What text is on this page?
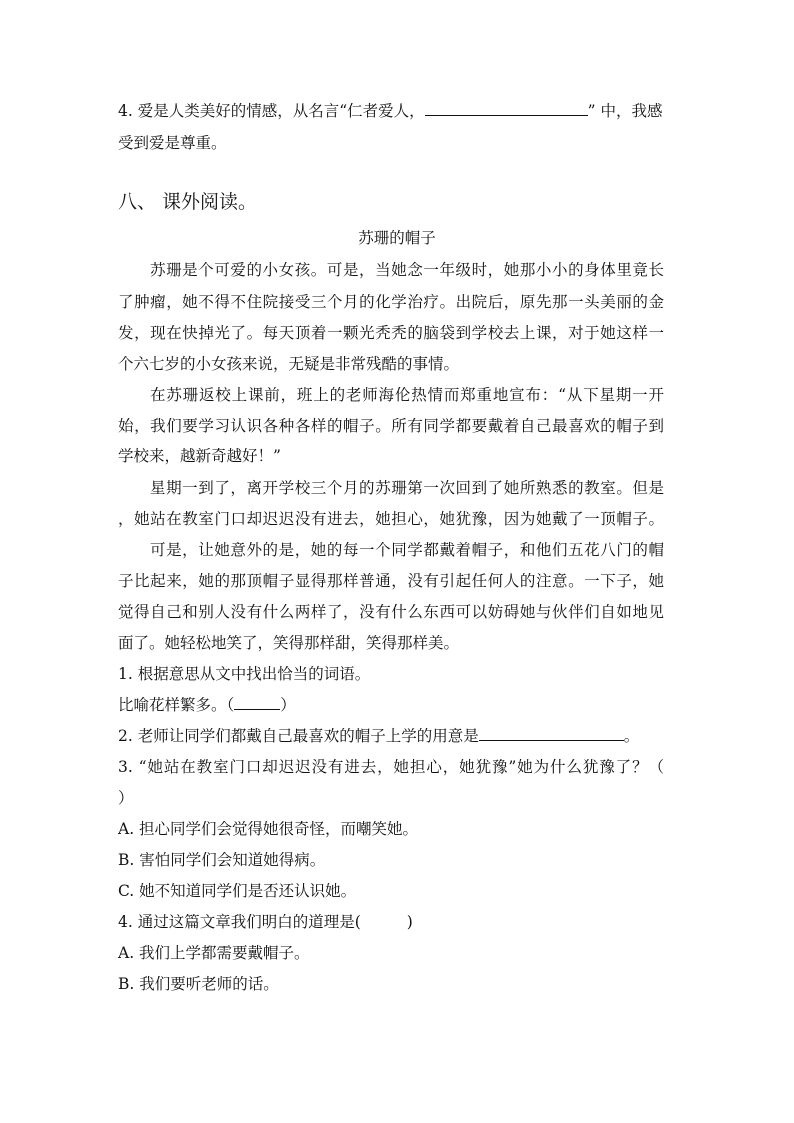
4. 爱是人类美好的情感，从名言“仁者爱人，	” 中，我感
受到爱是尊重。
八、 课外阅读。
苏珊的帽子
苏珊是个可爱的小女孩。可是，当她念一年级时，她那小小的身体里竟长
了肿瘤，她不得不住院接受三个月的化学治疗。出院后，原先那一头美丽的金
发，现在快掉光了。每天顶着一颗光秃秃的脑袋到学校去上课，对于她这样一
个六七岁的小女孩来说，无疑是非常残酷的事情。
在苏珊返校上课前，班上的老师海伦热情而郑重地宣布：“从下星期一开
始，我们要学习认识各种各样的帽子。所有同学都要戴着自己最喜欢的帽子到
学校来，越新奇越好！”
星期一到了，离开学校三个月的苏珊第一次回到了她所熟悉的教室。但是
，她站在教室门口却迟迟没有进去，她担心，她犹豫，因为她戴了一顶帽子。
可是，让她意外的是，她的每一个同学都戴着帽子，和他们五花八门的帽
子比起来，她的那顶帽子显得那样普通，没有引起任何人的注意。一下子，她
觉得自己和别人没有什么两样了，没有什么东西可以妨碍她与伙伴们自如地见
面了。她轻松地笑了，笑得那样甜，笑得那样美。
1. 根据意思从文中找出恰当的词语。
比喻花样繁多。（	）
2. 老师让同学们都戴自己最喜欢的帽子上学的用意是	。
3. “她站在教室门口却迟迟没有进去，她担心，她犹豫”她为什么犹豫了？（
）
A. 担心同学们会觉得她很奇怪，而嘲笑她。
B. 害怕同学们会知道她得病。
C. 她不知道同学们是否还认识她。
4. 通过这篇文章我们明白的道理是(	)
A. 我们上学都需要戴帽子。
B. 我们要听老师的话。
